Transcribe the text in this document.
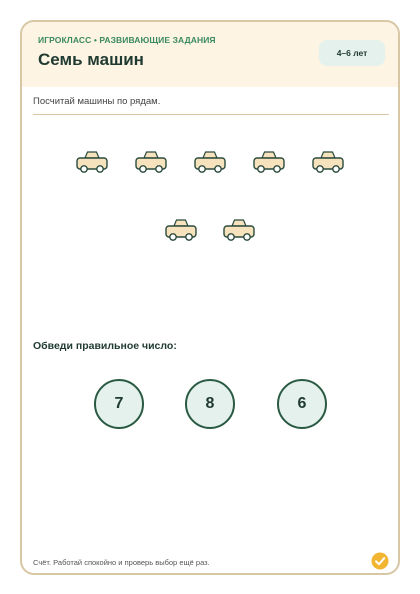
ИГРОКЛАСС • РАЗВИВАЮЩИЕ ЗАДАНИЯ
Семь машин	4–6 лет
Посчитай машины по рядам.
Обведи правильное число:
7	8	6
Счёт. Работай спокойно и проверь выбор ещё раз.
